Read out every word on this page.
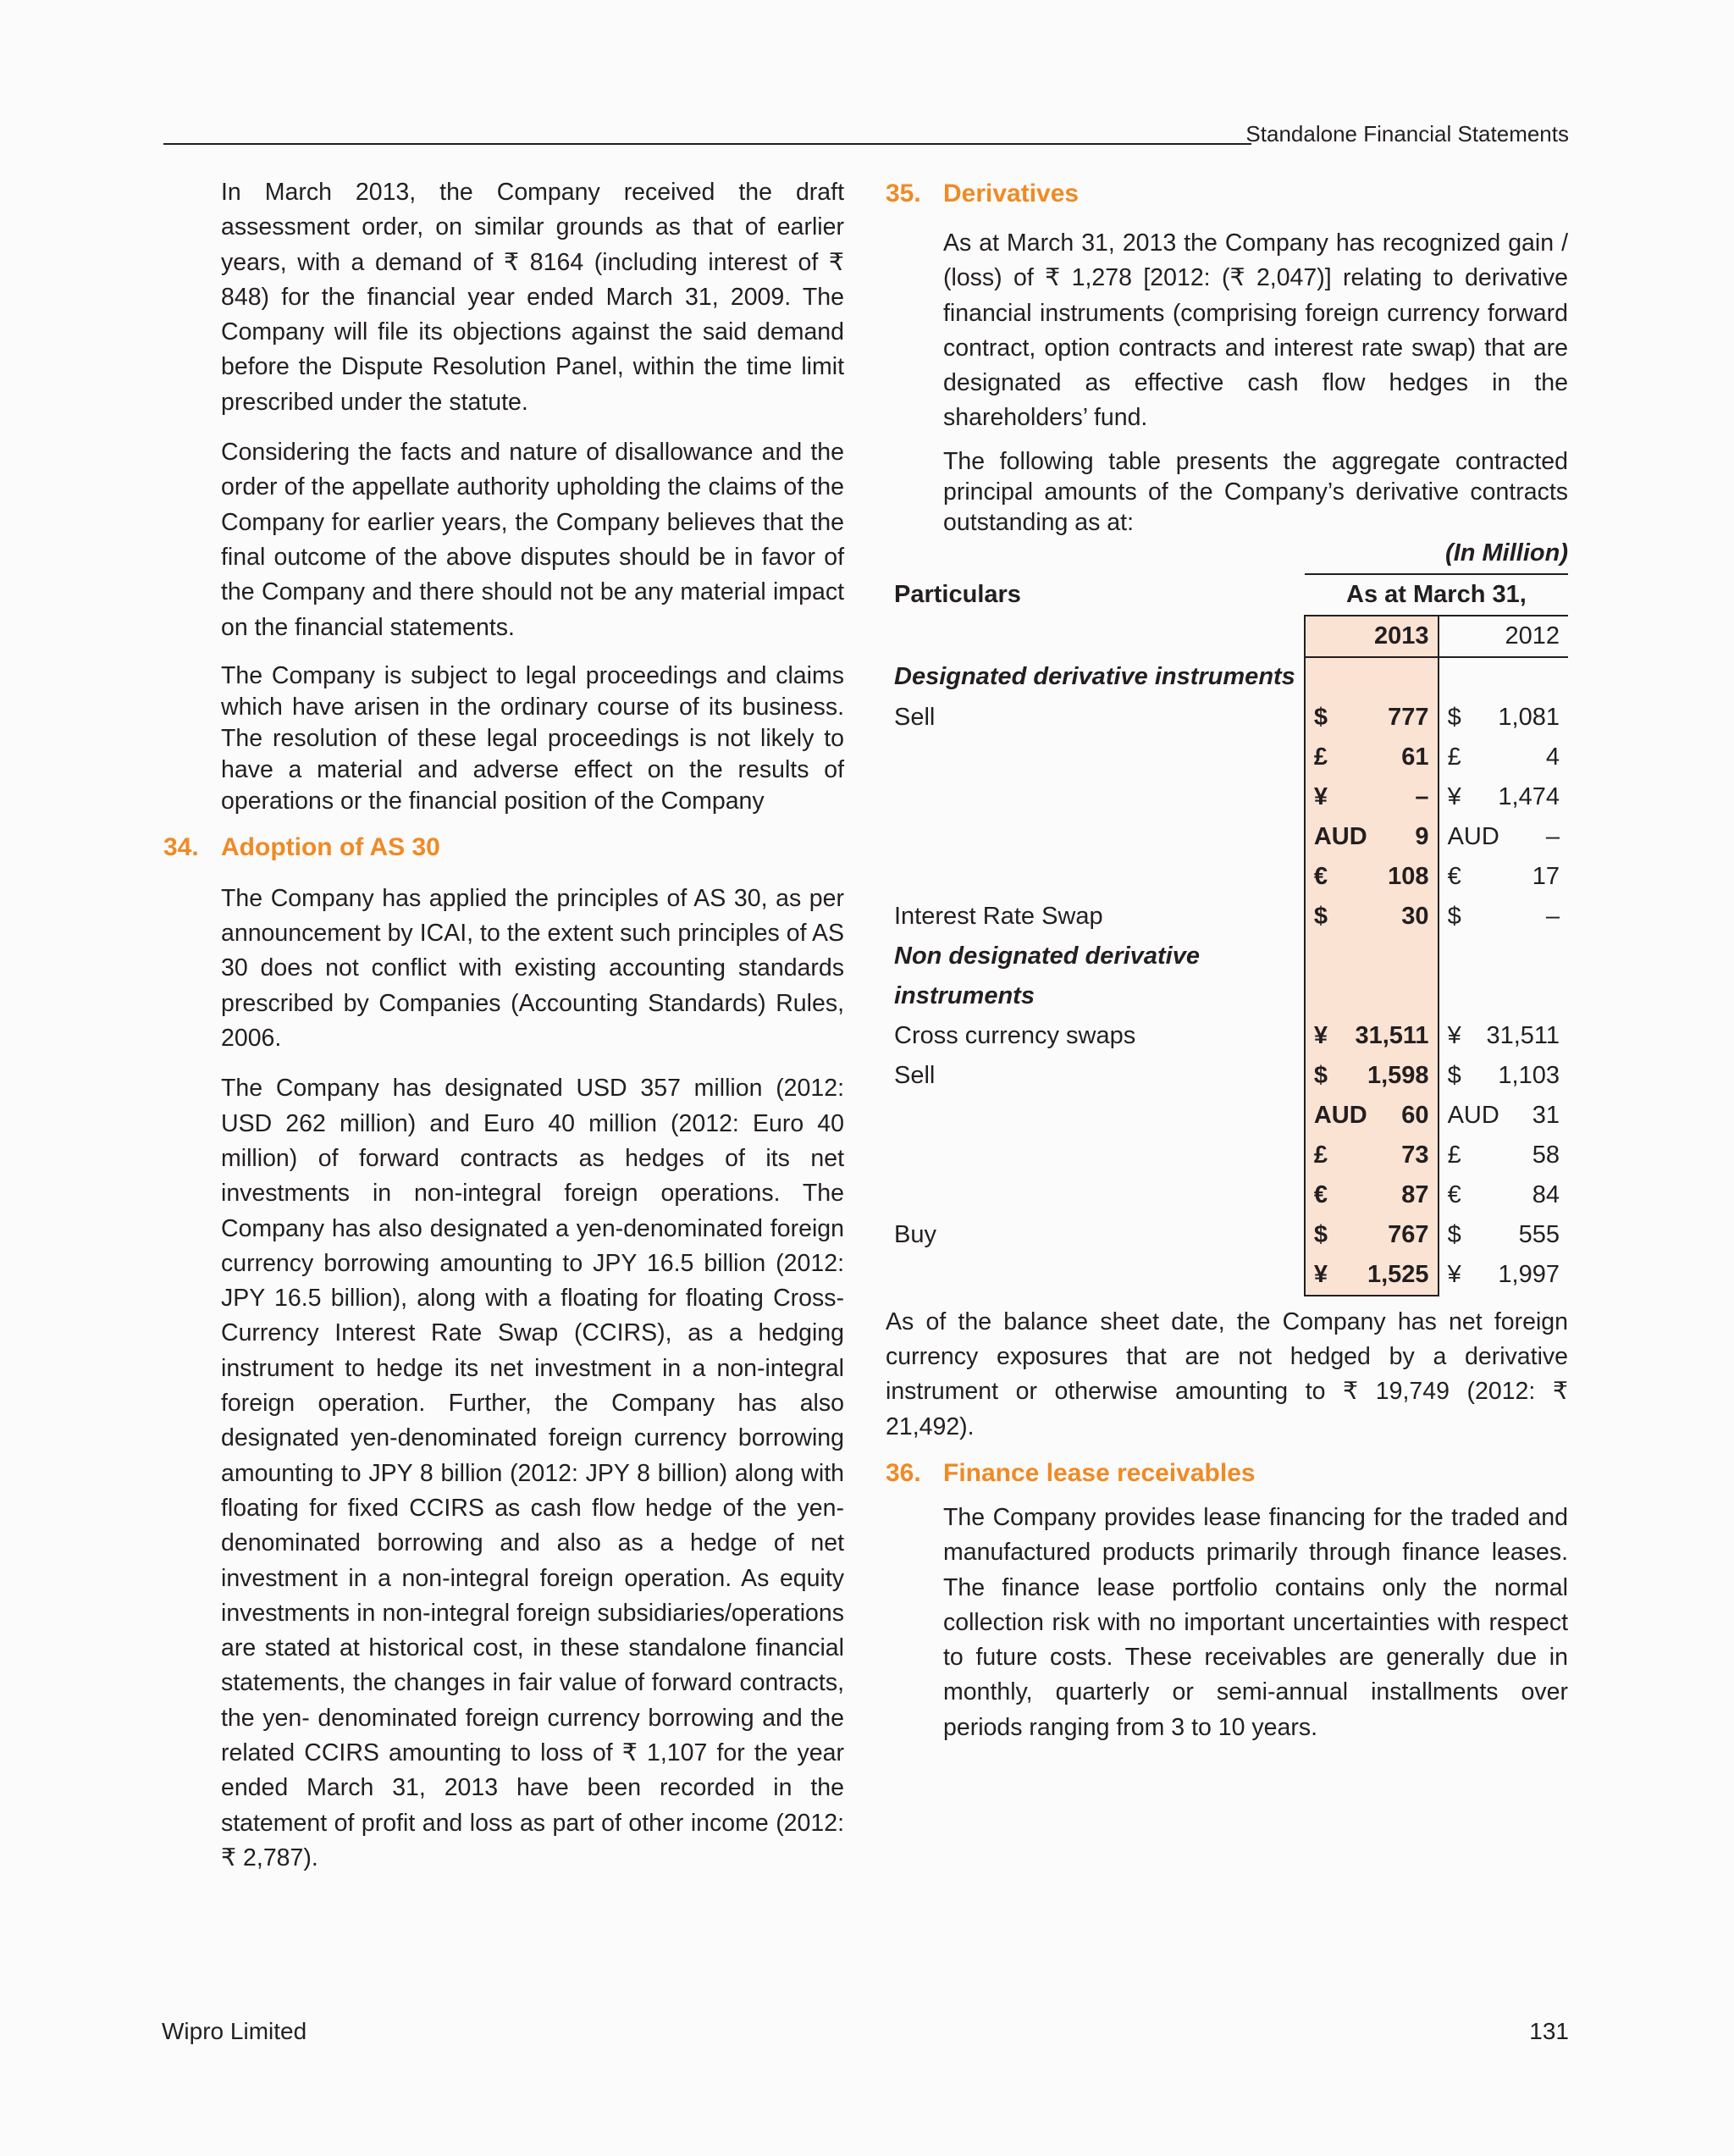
Standalone Financial Statements

In March 2013, the Company received the draft assessment order, on similar grounds as that of earlier years, with a demand of ₹ 8164 (including interest of ₹ 848) for the financial year ended March 31, 2009. The Company will file its objections against the said demand before the Dispute Resolution Panel, within the time limit prescribed under the statute.

Considering the facts and nature of disallowance and the order of the appellate authority upholding the claims of the Company for earlier years, the Company believes that the final outcome of the above disputes should be in favor of the Company and there should not be any material impact on the financial statements.

The Company is subject to legal proceedings and claims which have arisen in the ordinary course of its business. The resolution of these legal proceedings is not likely to have a material and adverse effect on the results of operations or the financial position of the Company

34. Adoption of AS 30

The Company has applied the principles of AS 30, as per announcement by ICAI, to the extent such principles of AS 30 does not conflict with existing accounting standards prescribed by Companies (Accounting Standards) Rules, 2006.

The Company has designated USD 357 million (2012: USD 262 million) and Euro 40 million (2012: Euro 40 million) of forward contracts as hedges of its net investments in non-integral foreign operations. The Company has also designated a yen-denominated foreign currency borrowing amounting to JPY 16.5 billion (2012: JPY 16.5 billion), along with a floating for floating Cross-Currency Interest Rate Swap (CCIRS), as a hedging instrument to hedge its net investment in a non-integral foreign operation. Further, the Company has also designated yen-denominated foreign currency borrowing amounting to JPY 8 billion (2012: JPY 8 billion) along with floating for fixed CCIRS as cash flow hedge of the yen-denominated borrowing and also as a hedge of net investment in a non-integral foreign operation. As equity investments in non-integral foreign subsidiaries/operations are stated at historical cost, in these standalone financial statements, the changes in fair value of forward contracts, the yen- denominated foreign currency borrowing and the related CCIRS amounting to loss of ₹ 1,107 for the year ended March 31, 2013 have been recorded in the statement of profit and loss as part of other income (2012: ₹ 2,787).

35. Derivatives

As at March 31, 2013 the Company has recognized gain / (loss) of ₹ 1,278 [2012: (₹ 2,047)] relating to derivative financial instruments (comprising foreign currency forward contract, option contracts and interest rate swap) that are designated as effective cash flow hedges in the shareholders’ fund.

The following table presents the aggregate contracted principal amounts of the Company’s derivative contracts outstanding as at:

(In Million)
Particulars	As at March 31,	
	2013	2012
Designated derivative instruments	

Sell	$ 777	$ 1,081

	£ 61	£ 4

	¥ –	¥ 1,474

	AUD 9	AUD –

	€ 108	€ 17

Interest Rate Swap	$ 30	$ –

Non designated derivative	

instruments	

Cross currency swaps	¥ 31,511	¥ 31,511

Sell	$ 1,598	$ 1,103

	AUD 60	AUD 31

	£ 73	£ 58

	€ 87	€ 84

Buy	$ 767	$ 555

	¥ 1,525	¥ 1,997

As of the balance sheet date, the Company has net foreign currency exposures that are not hedged by a derivative instrument or otherwise amounting to ₹ 19,749 (2012: ₹ 21,492).

36. Finance lease receivables

The Company provides lease financing for the traded and manufactured products primarily through finance leases. The finance lease portfolio contains only the normal collection risk with no important uncertainties with respect to future costs. These receivables are generally due in monthly, quarterly or semi-annual installments over periods ranging from 3 to 10 years.

Wipro Limited	131
